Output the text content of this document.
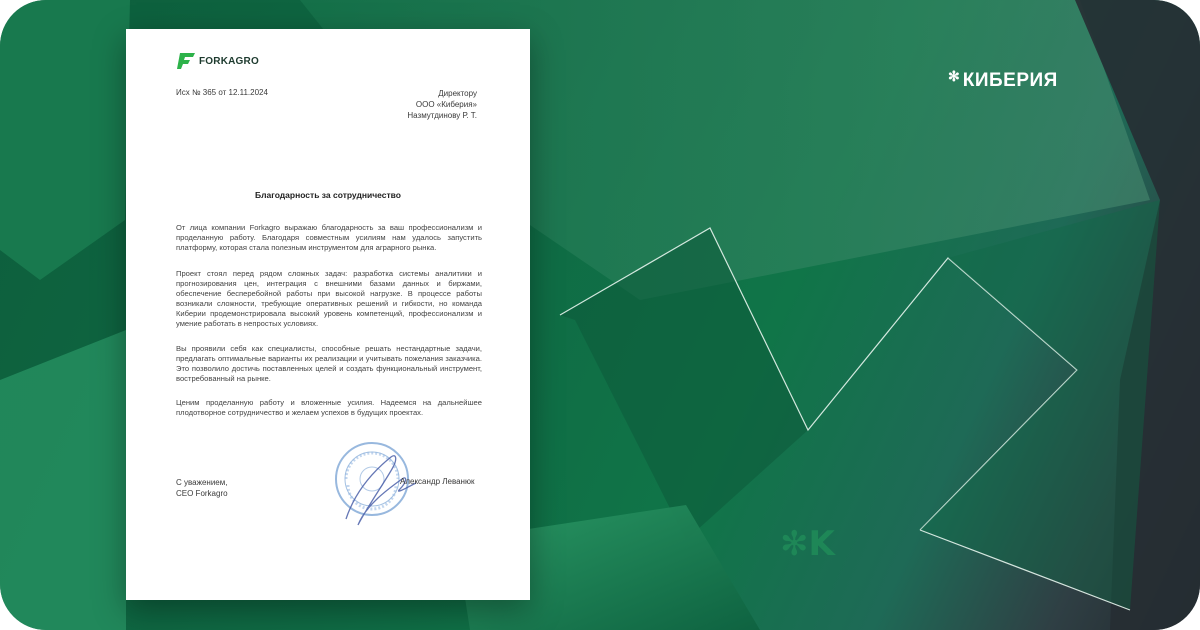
✻ КИБЕРИЯ
✻K
FORKAGRO
Исх № 365 от 12.11.2024	Директору
ООО «Киберия»
Назмутдинову Р. Т.
Благодарность за сотрудничество
От лица компании Forkagro выражаю благодарность за ваш профессионализм и проделанную работу. Благодаря совместным усилиям нам удалось запустить платформу, которая стала полезным инструментом для аграрного рынка.
Проект стоял перед рядом сложных задач: разработка системы аналитики и прогнозирования цен, интеграция с внешними базами данных и биржами, обеспечение бесперебойной работы при высокой нагрузке. В процессе работы возникали сложности, требующие оперативных решений и гибкости, но команда Киберии продемонстрировала высокий уровень компетенций, профессионализм и умение работать в непростых условиях.
Вы проявили себя как специалисты, способные решать нестандартные задачи, предлагать оптимальные варианты их реализации и учитывать пожелания заказчика. Это позволило достичь поставленных целей и создать функциональный инструмент, востребованный на рынке.
Ценим проделанную работу и вложенные усилия. Надеемся на дальнейшее плодотворное сотрудничество и желаем успехов в будущих проектах.
С уважением,
CEO Forkagro
Александр Леванюк
